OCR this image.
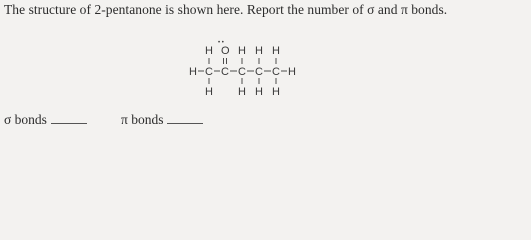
The structure of 2-pentanone is shown here. Report the number of σ and π bonds.
H O
• •
H H H
H C C C C C H
H H H H
σ bonds	π bonds
